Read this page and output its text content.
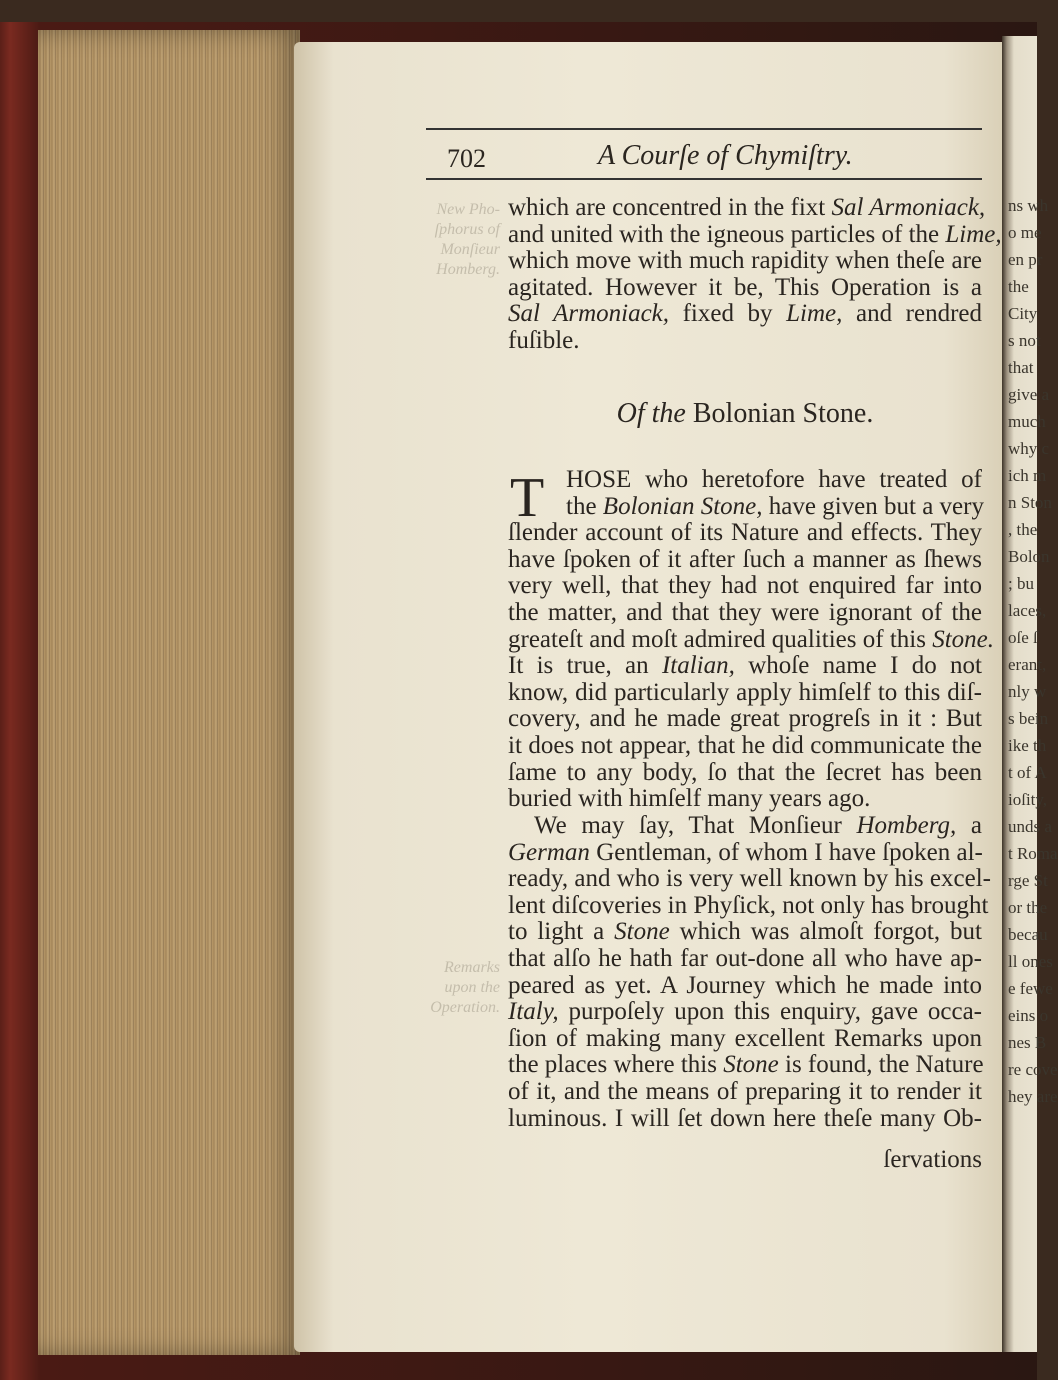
ns wh
o me
en pr
the
City
s not
that
give a
much
why c
ich m
n Ston
, the
Bolon
; bu
laces,
oſe ſ
erant,
nly w
s bein
ike th
t of A
ioſity,
unds a
t Roma
rge St
or the
becau
ll ones
e fewe
eins o
nes B
re cove
hey are
New Pho-
ſphorus of
Monſieur
Homberg.
Remarks
upon the
Operation.
702	A Courſe of Chymiſtry.
which are concentred in the fixt Sal Armoniack,
and united with the igneous particles of the Lime,
which move with much rapidity when theſe are
agitated. However it be, This Operation is a
Sal Armoniack, fixed by Lime, and rendred
fuſible.
Of the Bolonian Stone.
T HOSE who heretofore have treated of
the Bolonian Stone, have given but a very
ſlender account of its Nature and effects. They
have ſpoken of it after ſuch a manner as ſhews
very well, that they had not enquired far into
the matter, and that they were ignorant of the
greateſt and moſt admired qualities of this Stone.
It is true, an Italian, whoſe name I do not
know, did particularly apply himſelf to this diſ-
covery, and he made great progreſs in it : But
it does not appear, that he did communicate the
ſame to any body, ſo that the ſecret has been
buried with himſelf many years ago.
We may ſay, That Monſieur Homberg, a
German Gentleman, of whom I have ſpoken al-
ready, and who is very well known by his excel-
lent diſcoveries in Phyſick, not only has brought
to light a Stone which was almoſt forgot, but
that alſo he hath far out-done all who have ap-
peared as yet. A Journey which he made into
Italy, purpoſely upon this enquiry, gave occa-
ſion of making many excellent Remarks upon
the places where this Stone is found, the Nature
of it, and the means of preparing it to render it
luminous. I will ſet down here theſe many Ob-
ſervations
